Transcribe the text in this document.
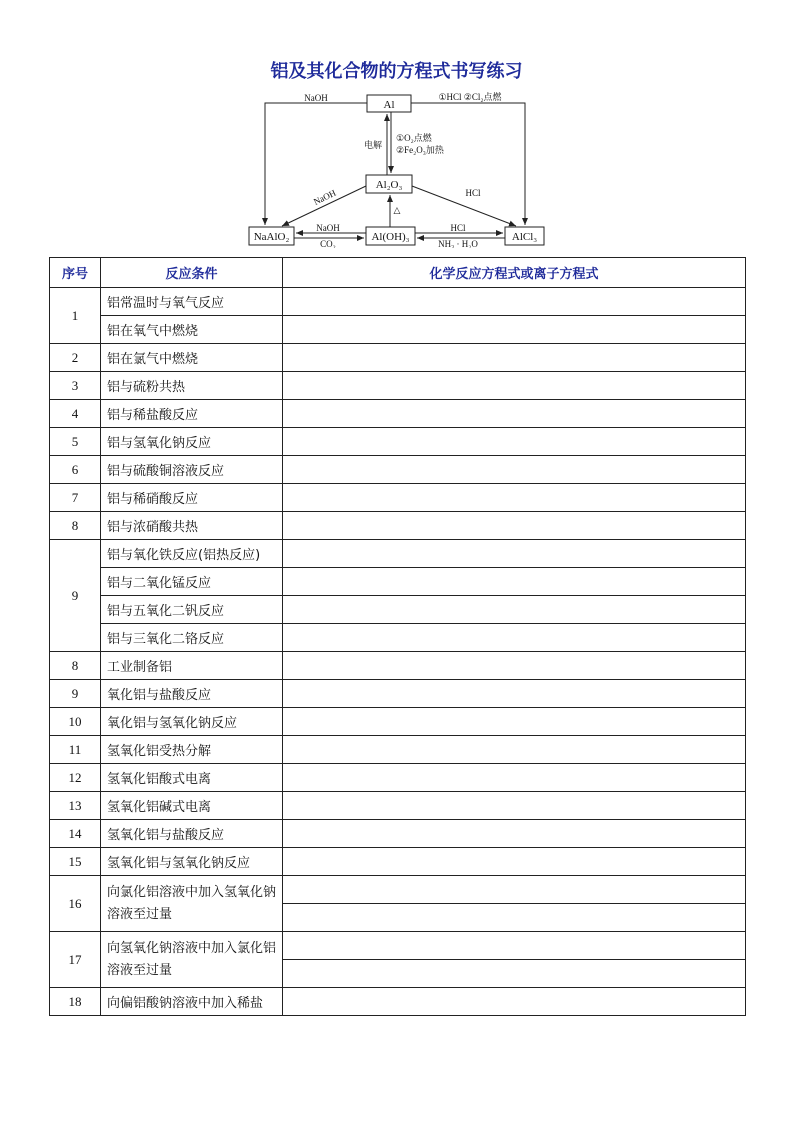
铝及其化合物的方程式书写练习
Al
Al₂O₃
NaAlO₂	Al(OH)₃	AlCl₃
NaOH	①HCl ②Cl₂点燃
电解
①O₂点燃
②Fe₂O₃加热
NaOH	HCl
△
NaOH
CO₂
HCl
NH₃ · H₂O
序号	反应条件	化学反应方程式或离子方程式
1	铝常温时与氧气反应	
	铝在氧气中燃烧	
2	铝在氯气中燃烧	
3	铝与硫粉共热	
4	铝与稀盐酸反应	
5	铝与氢氧化钠反应	
6	铝与硫酸铜溶液反应	
7	铝与稀硝酸反应	
8	铝与浓硝酸共热	
9	铝与氧化铁反应(铝热反应)	
	铝与二氧化锰反应	
	铝与五氧化二钒反应	
	铝与三氧化二铬反应	
8	工业制备铝	
9	氧化铝与盐酸反应	
10	氧化铝与氢氧化钠反应	
11	氢氧化铝受热分解	
12	氢氧化铝酸式电离	
13	氢氧化铝碱式电离	
14	氢氧化铝与盐酸反应	
15	氢氧化铝与氢氧化钠反应	
16	向氯化铝溶液中加入氢氧化钠溶液至过量	

17	向氢氧化钠溶液中加入氯化铝溶液至过量	

18	向偏铝酸钠溶液中加入稀盐	
